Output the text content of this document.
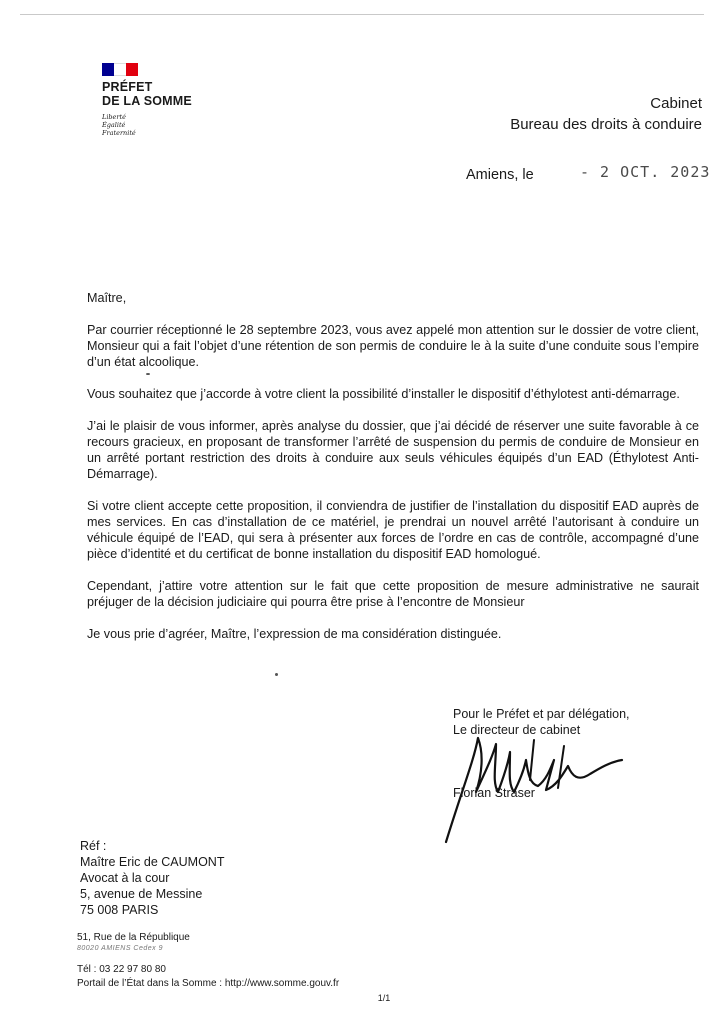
PRÉFET
DE LA SOMME
Liberté
Égalité
Fraternité
Cabinet
Bureau des droits à conduire
Amiens, le	- 2 OCT. 2023

Maître,

Par courrier réceptionné le 28 septembre 2023, vous avez appelé mon attention sur le dossier de votre client, Monsieur qui a fait l’objet d’une rétention de son permis de conduire le à la suite d’une conduite sous l’empire d’un état alcoolique.

Vous souhaitez que j’accorde à votre client la possibilité d’installer le dispositif d’éthylotest anti-démarrage.

J’ai le plaisir de vous informer, après analyse du dossier, que j’ai décidé de réserver une suite favorable à ce recours gracieux, en proposant de transformer l’arrêté de suspension du permis de conduire de Monsieur en un arrêté portant restriction des droits à conduire aux seuls véhicules équipés d’un EAD (Éthylotest Anti-Démarrage).

Si votre client accepte cette proposition, il conviendra de justifier de l’installation du dispositif EAD auprès de mes services. En cas d’installation de ce matériel, je prendrai un nouvel arrêté l’autorisant à conduire un véhicule équipé de l’EAD, qui sera à présenter aux forces de l’ordre en cas de contrôle, accompagné d’une pièce d’identité et du certificat de bonne installation du dispositif EAD homologué.

Cependant, j’attire votre attention sur le fait que cette proposition de mesure administrative ne saurait préjuger de la décision judiciaire qui pourra être prise à l’encontre de Monsieur

Je vous prie d’agréer, Maître, l’expression de ma considération distinguée.

Pour le Préfet et par délégation,
Le directeur de cabinet
Florian Straser
Réf :
Maître Eric de CAUMONT
Avocat à la cour
5, avenue de Messine
75 008 PARIS
51, Rue de la République
80020 AMIENS Cedex 9
Tél : 03 22 97 80 80
Portail de l’État dans la Somme : http://www.somme.gouv.fr
1/1
